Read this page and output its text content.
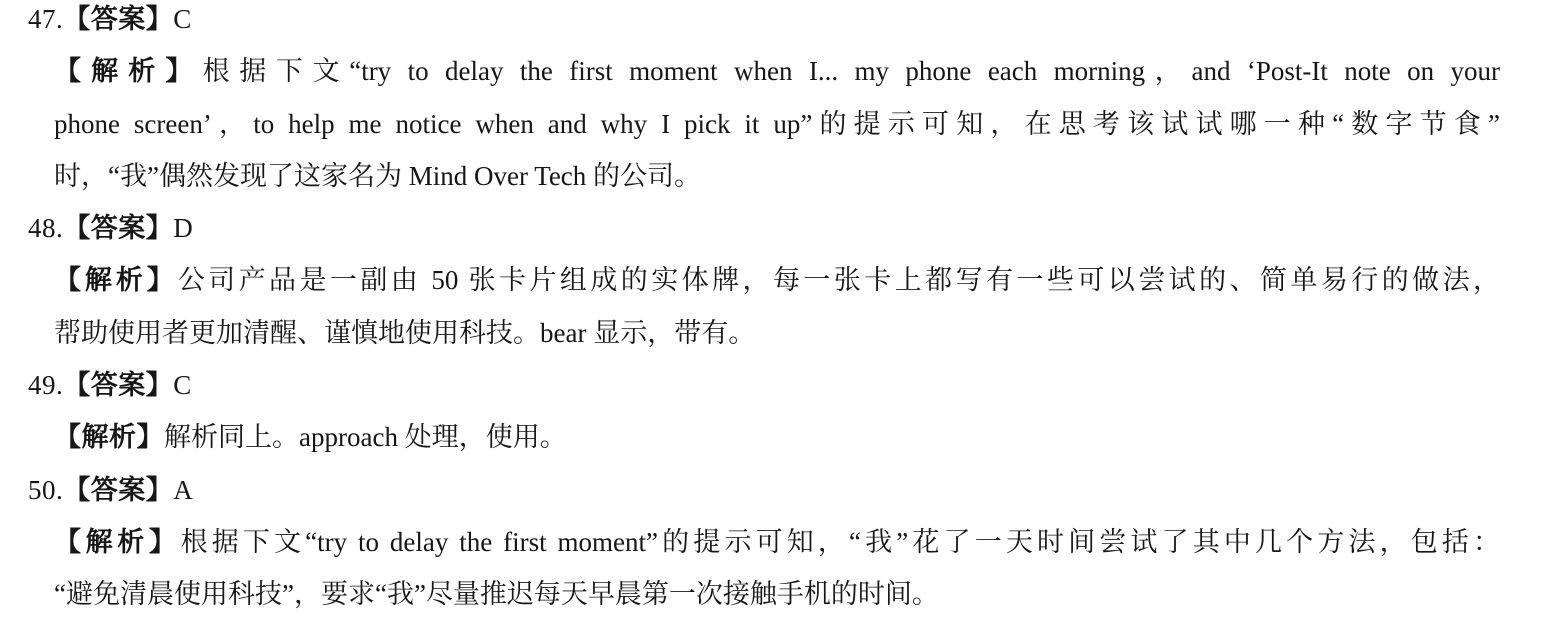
47.【答案】C
【解析】根据下文“try to delay the first moment when I... my phone each morning，and ‘Post-It note on your
phone screen’，to help me notice when and why I pick it up”的提示可知，在思考该试试哪一种“数字节食”
时，“我”偶然发现了这家名为 Mind Over Tech 的公司。
48.【答案】D
【解析】公司产品是一副由 50 张卡片组成的实体牌，每一张卡上都写有一些可以尝试的、简单易行的做法，
帮助使用者更加清醒、谨慎地使用科技。bear 显示，带有。
49.【答案】C
【解析】解析同上。approach 处理，使用。
50.【答案】A
【解析】根据下文“try to delay the first moment”的提示可知，“我”花了一天时间尝试了其中几个方法，包括：
“避免清晨使用科技”，要求“我”尽量推迟每天早晨第一次接触手机的时间。
